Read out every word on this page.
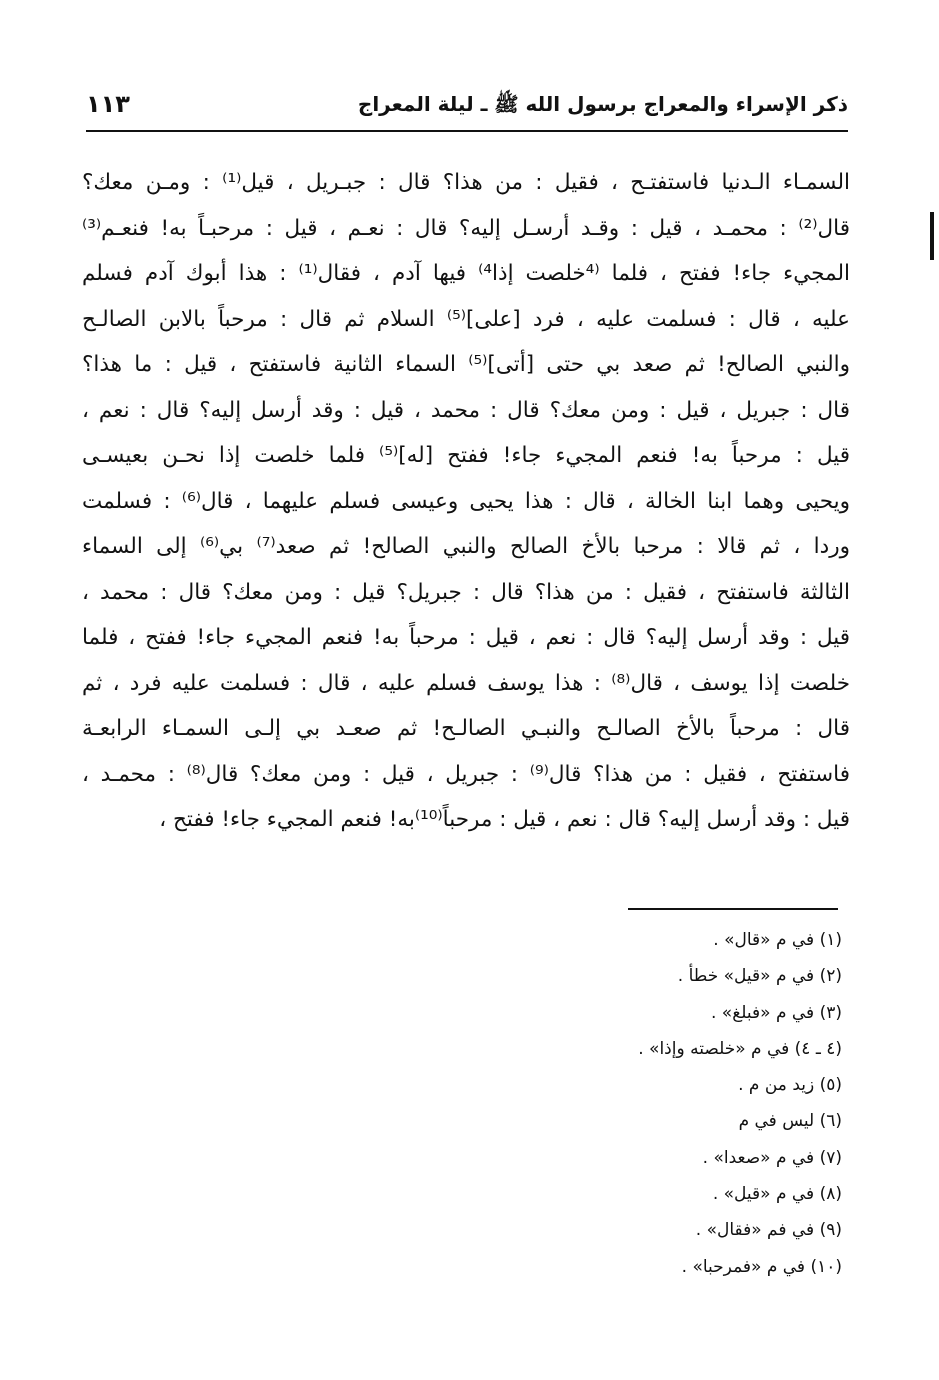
ذكر الإسراء والمعراج برسول الله ﷺ ـ ليلة المعراج
١١٣
السمـاء الـدنيا فاستفتـح ، فقيل : من هذا؟ قال : جبـريل ، قيل⁽¹⁾ : ومـن معك؟
قال⁽²⁾ : محمـد ، قيل : وقـد أرسـل إليه؟ قال : نعـم ، قيل : مرحبـاً به! فنعـم⁽³⁾
المجيء جاء! ففتح ، فلما ⁽⁴خلصت إذا⁴⁾ فيها آدم ، فقال⁽¹⁾ : هذا أبوك آدم فسلم
عليه ، قال : فسلمت عليه ، فرد [على]⁽⁵⁾ السلام ثم قال : مرحباً بالابن الصالـح
والنبي الصالح! ثم صعد بي حتى [أتى]⁽⁵⁾ السماء الثانية فاستفتح ، قيل : ما هذا؟
قال : جبريل ، قيل : ومن معك؟ قال : محمد ، قيل : وقد أرسل إليه؟ قال : نعم ،
قيل : مرحباً به! فنعم المجيء جاء! ففتح [له]⁽⁵⁾ فلما خلصت إذا نحـن بعيسـى
ويحيى وهما ابنا الخالة ، قال : هذا يحيى وعيسى فسلم عليهما ، قال⁽⁶⁾ : فسلمت
وردا ، ثم قالا : مرحبا بالأخ الصالح والنبي الصالح! ثم صعد⁽⁷⁾ بي⁽⁶⁾ إلى السماء
الثالثة فاستفتح ، فقيل : من هذا؟ قال : جبريل؟ قيل : ومن معك؟ قال : محمد ،
قيل : وقد أرسل إليه؟ قال : نعم ، قيل : مرحباً به! فنعم المجيء جاء! ففتح ، فلما
خلصت إذا يوسف ، قال⁽⁸⁾ : هذا يوسف فسلم عليه ، قال : فسلمت عليه فرد ، ثم
قال : مرحباً بالأخ الصالـح والنبـي الصالـح! ثم صعـد بي إلـى السمـاء الرابعـة
فاستفتح ، فقيل : من هذا؟ قال⁽⁹⁾ : جبريل ، قيل : ومن معك؟ قال⁽⁸⁾ : محمـد ،
قيل : وقد أرسل إليه؟ قال : نعم ، قيل : مرحباً⁽¹⁰⁾به! فنعم المجيء جاء! ففتح ،
(١) في م «قال» .
(٢) في م «قيل» خطأ .
(٣) في م «فبلغ» .
(٤ ـ ٤) في م «خلصته وإذا» .
(٥) زيد من م .
(٦) ليس في م
(٧) في م «صعدا» .
(٨) في م «قيل» .
(٩) في فم «فقال» .
(١٠) في م «فمرحبا» .
